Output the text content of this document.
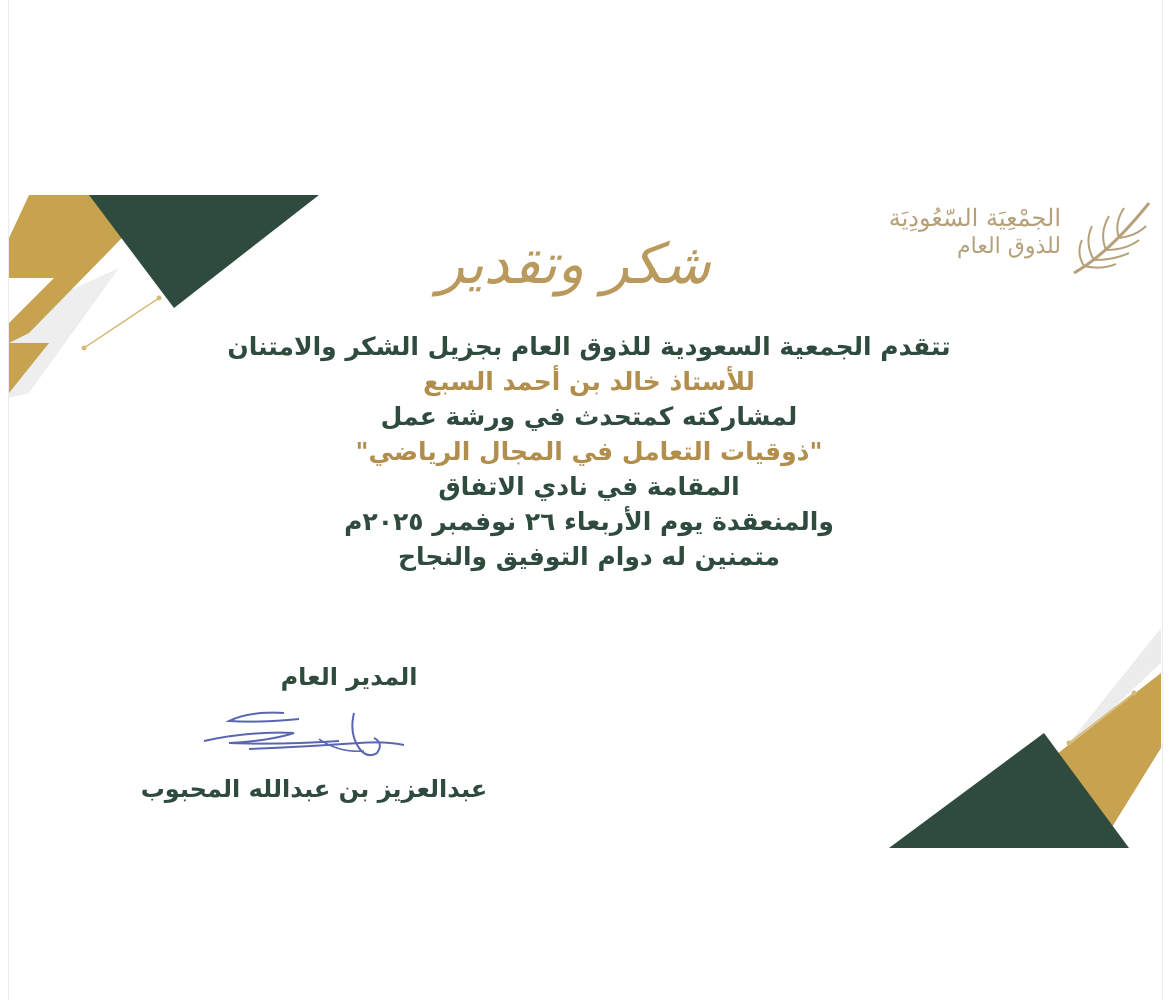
الجمْعِيَة السّعُودِيَة
للذوق العام
شكر وتقدير
تتقدم الجمعية السعودية للذوق العام بجزيل الشكر والامتنان
للأستاذ خالد بن أحمد السبع
لمشاركته كمتحدث في ورشة عمل
"ذوقيات التعامل في المجال الرياضي"
المقامة في نادي الاتفاق
والمنعقدة يوم الأربعاء ٢٦ نوفمبر ٢٠٢٥م
متمنين له دوام التوفيق والنجاح
المدير العام
عبدالعزيز بن عبدالله المحبوب
